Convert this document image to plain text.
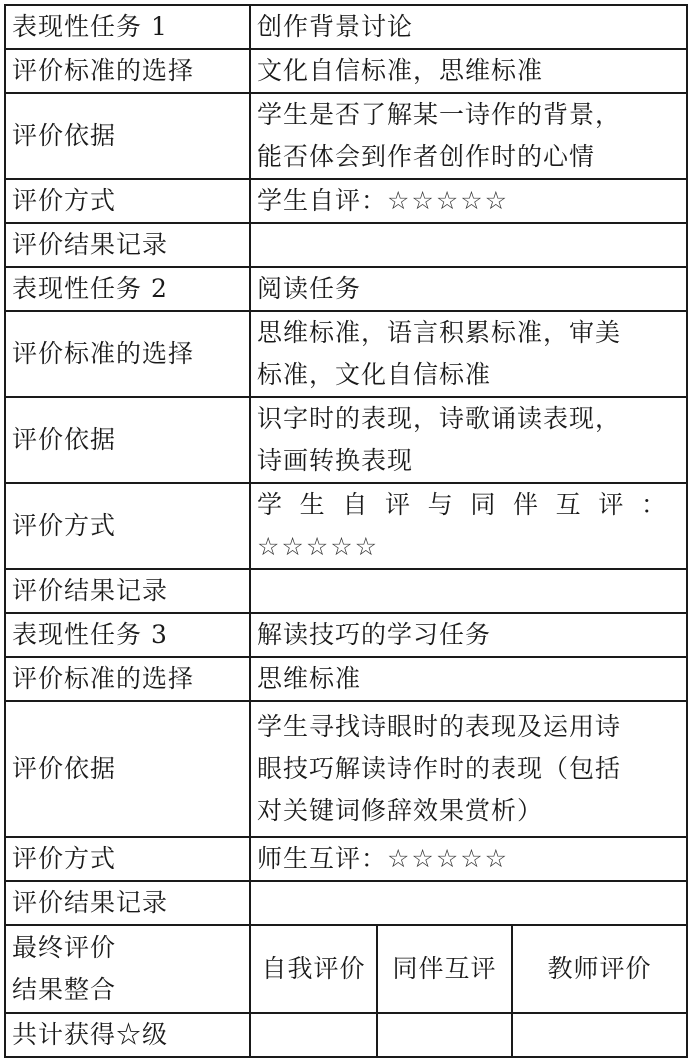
表现性任务 1	创作背景讨论		
评价标准的选择	文化自信标准，思维标准		
评价依据	学生是否了解某一诗作的背景，
能否体会到作者创作时的心情		

评价方式	学生自评：☆☆☆☆☆		
评价结果记录			
表现性任务 2	阅读任务		
评价标准的选择	思维标准，语言积累标准，审美
标准，文化自信标准		

评价依据	识字时的表现，诗歌诵读表现，
诗画转换表现		

评价方式	学生自评与同伴互评：
☆☆☆☆☆		

评价结果记录			
表现性任务 3	解读技巧的学习任务		
评价标准的选择	思维标准		
评价依据	学生寻找诗眼时的表现及运用诗
眼技巧解读诗作时的表现（包括
对关键词修辞效果赏析）		

评价方式	师生互评：☆☆☆☆☆		
评价结果记录			

最终评价
结果整合	自我评价	同伴互评	教师评价
共计获得☆级			
